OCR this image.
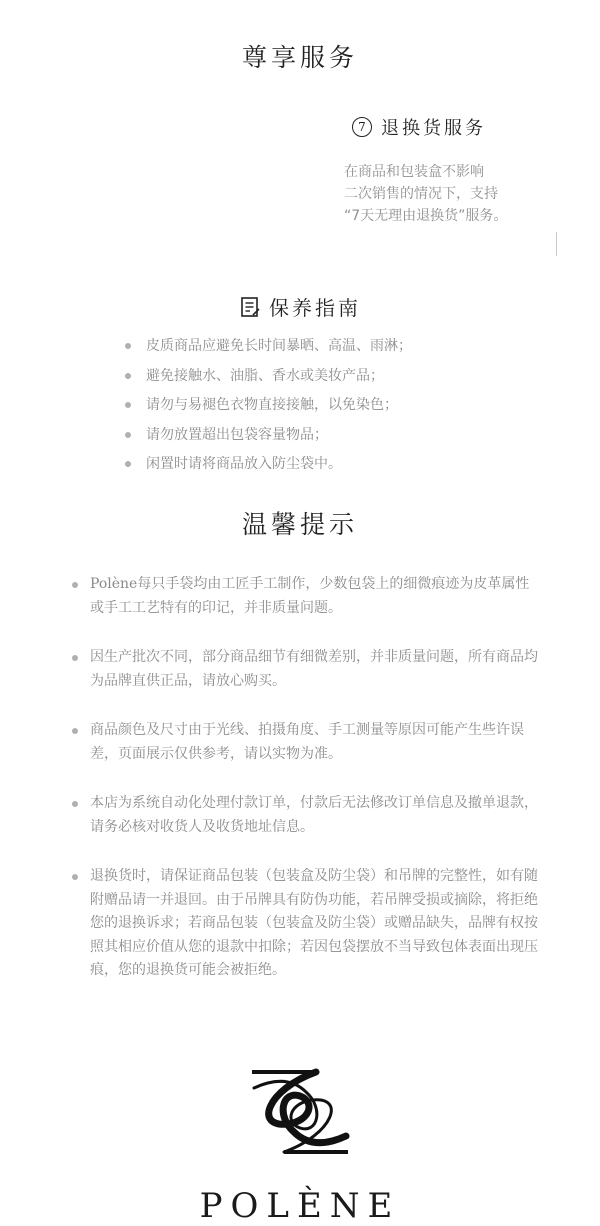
尊享服务
7 退换货服务
在商品和包装盒不影响
二次销售的情况下，支持
“7天无理由退换货”服务。
保养指南
皮质商品应避免长时间暴晒、高温、雨淋；
避免接触水、油脂、香水或美妆产品；
请勿与易褪色衣物直接接触，以免染色；
请勿放置超出包袋容量物品；
闲置时请将商品放入防尘袋中。
温馨提示
Polène每只手袋均由工匠手工制作，少数包袋上的细微痕迹为皮革属性或手工工艺特有的印记，并非质量问题。
因生产批次不同，部分商品细节有细微差别，并非质量问题，所有商品均为品牌直供正品，请放心购买。
商品颜色及尺寸由于光线、拍摄角度、手工测量等原因可能产生些许误差，页面展示仅供参考，请以实物为准。
本店为系统自动化处理付款订单，付款后无法修改订单信息及撤单退款，请务必核对收货人及收货地址信息。
退换货时，请保证商品包装（包装盒及防尘袋）和吊牌的完整性，如有随附赠品请一并退回。由于吊牌具有防伪功能，若吊牌受损或摘除，将拒绝您的退换诉求；若商品包装（包装盒及防尘袋）或赠品缺失，品牌有权按照其相应价值从您的退款中扣除；若因包袋摆放不当导致包体表面出现压痕，您的退换货可能会被拒绝。
POLÈNE
